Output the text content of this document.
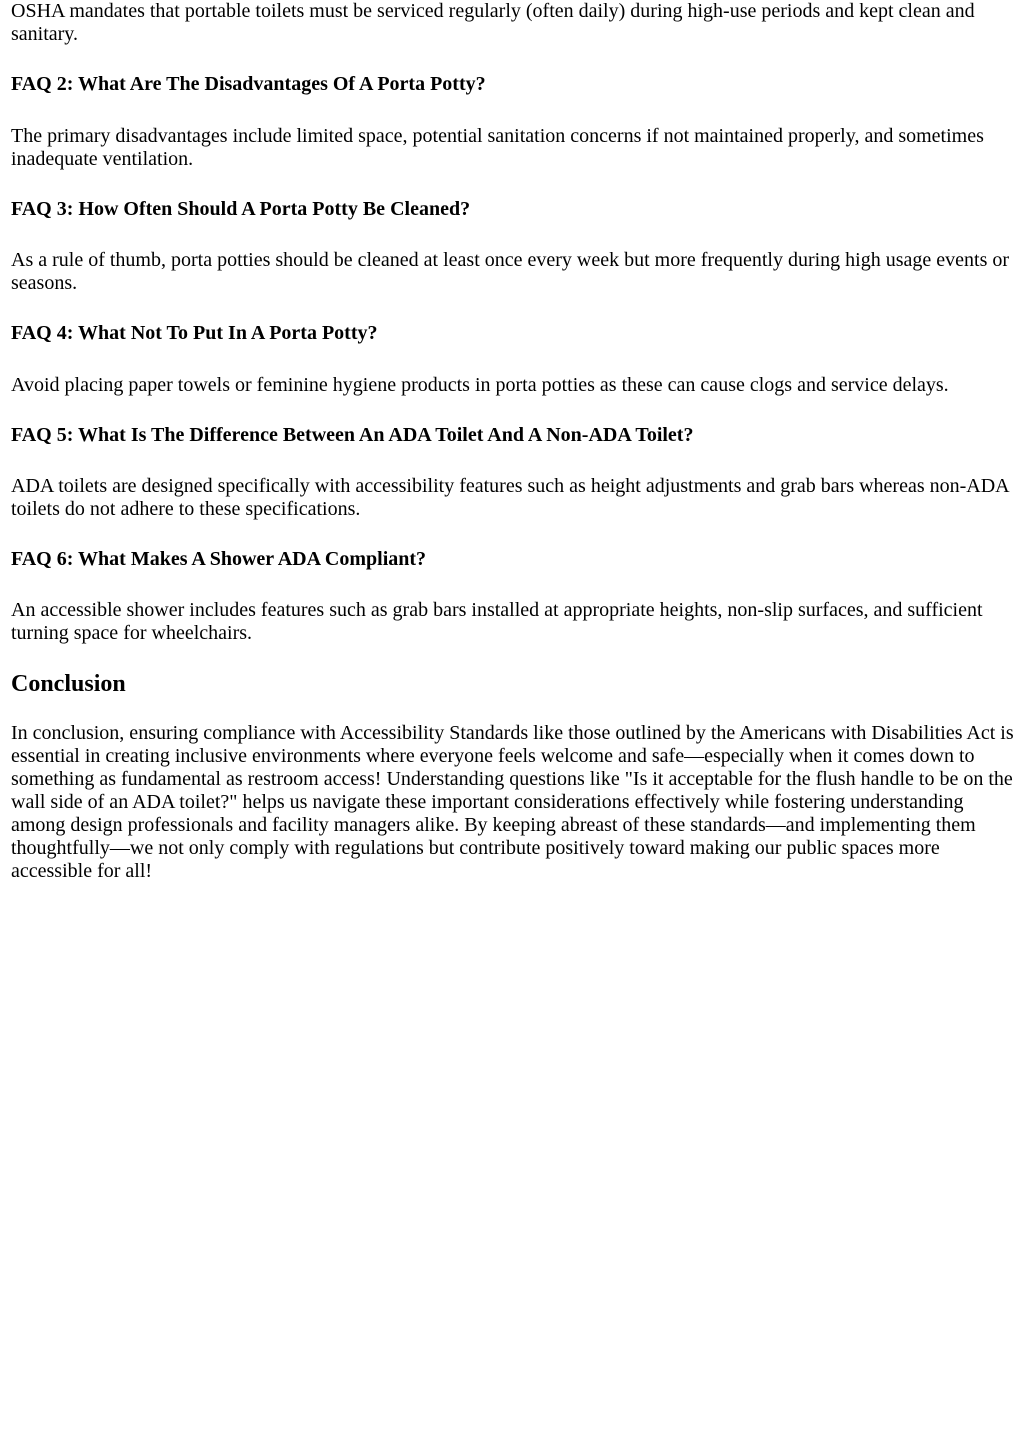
OSHA mandates that portable toilets must be serviced regularly (often daily) during high-use periods and kept clean and sanitary.

FAQ 2: What Are The Disadvantages Of A Porta Potty?

The primary disadvantages include limited space, potential sanitation concerns if not maintained properly, and sometimes inadequate ventilation.

FAQ 3: How Often Should A Porta Potty Be Cleaned?

As a rule of thumb, porta potties should be cleaned at least once every week but more frequently during high usage events or seasons.

FAQ 4: What Not To Put In A Porta Potty?

Avoid placing paper towels or feminine hygiene products in porta potties as these can cause clogs and service delays.

FAQ 5: What Is The Difference Between An ADA Toilet And A Non-ADA Toilet?

ADA toilets are designed specifically with accessibility features such as height adjustments and grab bars whereas non-ADA toilets do not adhere to these specifications.

FAQ 6: What Makes A Shower ADA Compliant?

An accessible shower includes features such as grab bars installed at appropriate heights, non-slip surfaces, and sufficient turning space for wheelchairs.

Conclusion

In conclusion, ensuring compliance with Accessibility Standards like those outlined by the Americans with Disabilities Act is essential in creating inclusive environments where everyone feels welcome and safe—especially when it comes down to something as fundamental as restroom access! Understanding questions like "Is it acceptable for the flush handle to be on the wall side of an ADA toilet?" helps us navigate these important considerations effectively while fostering understanding among design professionals and facility managers alike. By keeping abreast of these standards—and implementing them thoughtfully—we not only comply with regulations but contribute positively toward making our public spaces more accessible for all!
